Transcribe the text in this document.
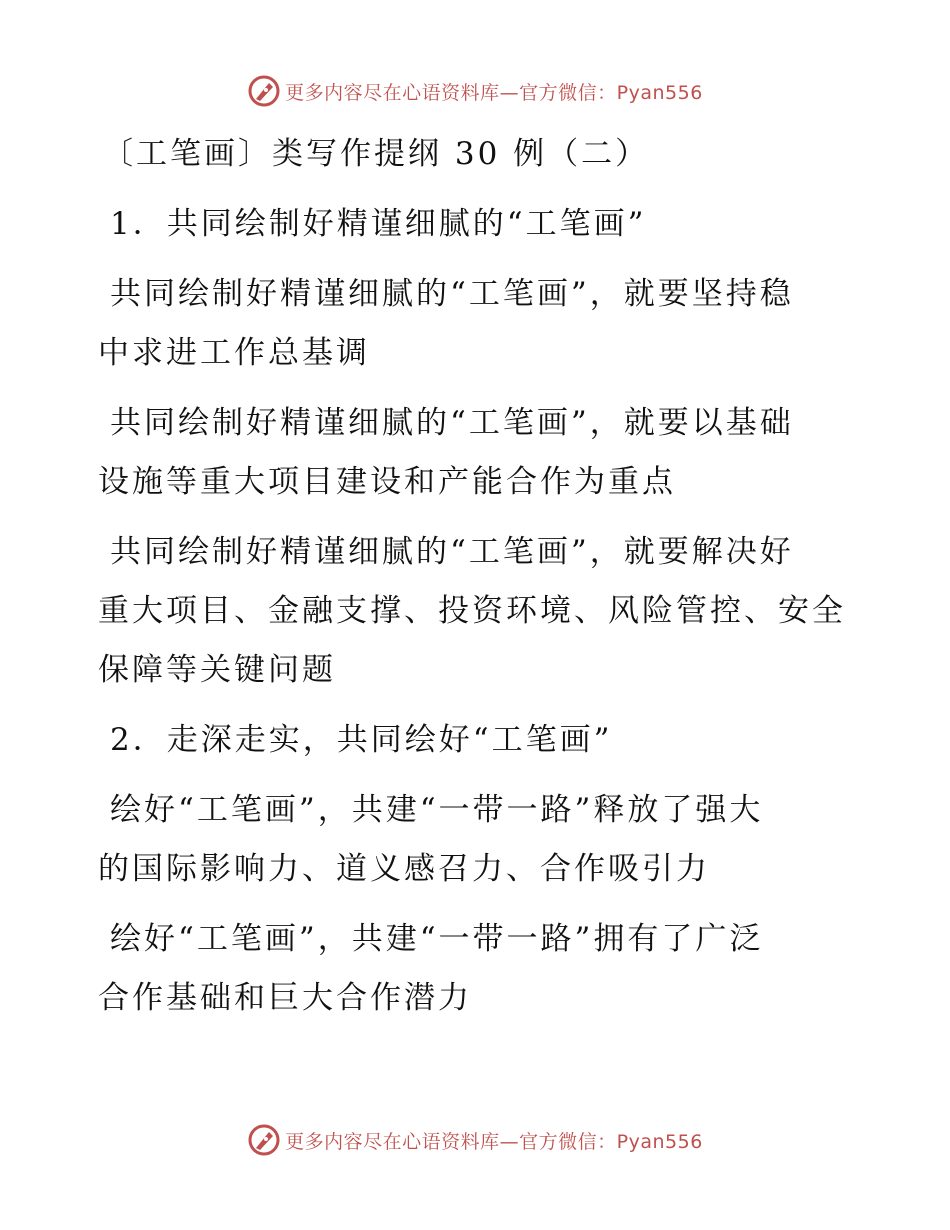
更多内容尽在心语资料库—官方微信：Pyan556
〔工笔画〕类写作提纲 30 例（二）
1．共同绘制好精谨细腻的“工笔画”
共同绘制好精谨细腻的“工笔画”，就要坚持稳
中求进工作总基调
共同绘制好精谨细腻的“工笔画”，就要以基础
设施等重大项目建设和产能合作为重点
共同绘制好精谨细腻的“工笔画”，就要解决好
重大项目、金融支撑、投资环境、风险管控、安全
保障等关键问题
2．走深走实，共同绘好“工笔画”
绘好“工笔画”，共建“一带一路”释放了强大
的国际影响力、道义感召力、合作吸引力
绘好“工笔画”，共建“一带一路”拥有了广泛
合作基础和巨大合作潜力
更多内容尽在心语资料库—官方微信：Pyan556
